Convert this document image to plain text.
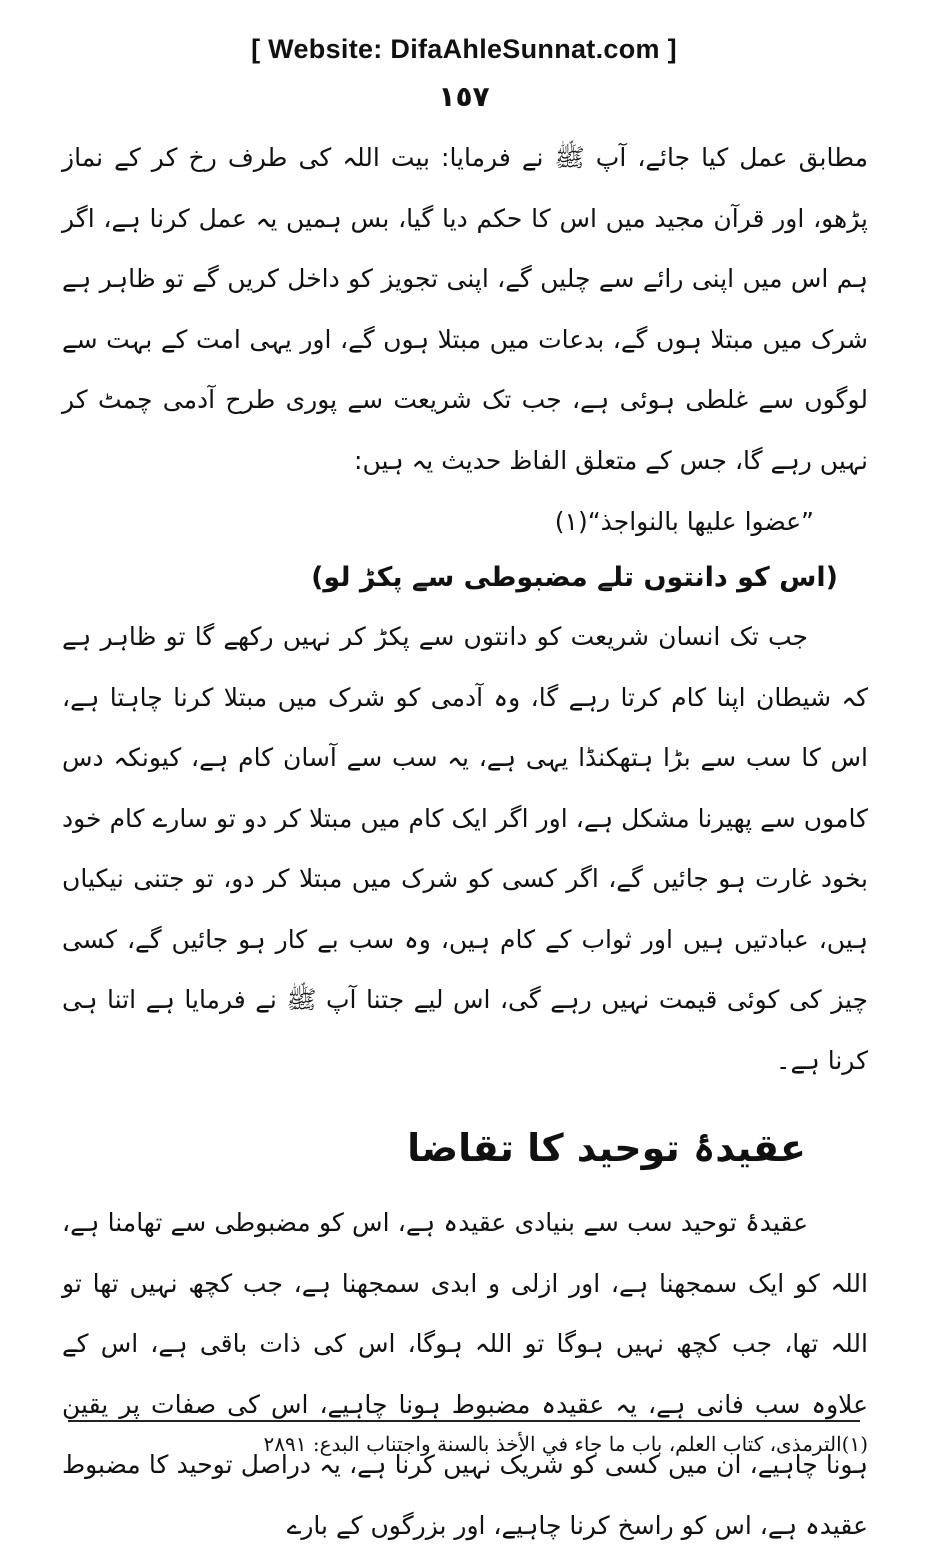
[ Website: DifaAhleSunnat.com ]
١٥٧

مطابق عمل کیا جائے، آپ ﷺ نے فرمایا: بیت اللہ کی طرف رخ کر کے نماز پڑھو، اور قرآن مجید میں اس کا حکم دیا گیا، بس ہمیں یہ عمل کرنا ہے، اگر ہم اس میں اپنی رائے سے چلیں گے، اپنی تجویز کو داخل کریں گے تو ظاہر ہے شرک میں مبتلا ہوں گے، بدعات میں مبتلا ہوں گے، اور یہی امت کے بہت سے لوگوں سے غلطی ہوئی ہے، جب تک شریعت سے پوری طرح آدمی چمٹ کر نہیں رہے گا، جس کے متعلق الفاظ حدیث یہ ہیں:

”عضوا علیها بالنواجذ“(۱)

(اس کو دانتوں تلے مضبوطی سے پکڑ لو)

جب تک انسان شریعت کو دانتوں سے پکڑ کر نہیں رکھے گا تو ظاہر ہے کہ شیطان اپنا کام کرتا رہے گا، وہ آدمی کو شرک میں مبتلا کرنا چاہتا ہے، اس کا سب سے بڑا ہتھکنڈا یہی ہے، یہ سب سے آسان کام ہے، کیونکہ دس کاموں سے پھیرنا مشکل ہے، اور اگر ایک کام میں مبتلا کر دو تو سارے کام خود بخود غارت ہو جائیں گے، اگر کسی کو شرک میں مبتلا کر دو، تو جتنی نیکیاں ہیں، عبادتیں ہیں اور ثواب کے کام ہیں، وہ سب بے کار ہو جائیں گے، کسی چیز کی کوئی قیمت نہیں رہے گی، اس لیے جتنا آپ ﷺ نے فرمایا ہے اتنا ہی کرنا ہے۔

عقیدۂ توحید کا تقاضا

عقیدۂ توحید سب سے بنیادی عقیدہ ہے، اس کو مضبوطی سے تھامنا ہے، اللہ کو ایک سمجھنا ہے، اور ازلی و ابدی سمجھنا ہے، جب کچھ نہیں تھا تو اللہ تھا، جب کچھ نہیں ہوگا تو اللہ ہوگا، اس کی ذات باقی ہے، اس کے علاوہ سب فانی ہے، یہ عقیدہ مضبوط ہونا چاہیے، اس کی صفات پر یقین ہونا چاہیے، ان میں کسی کو شریک نہیں کرنا ہے، یہ دراصل توحید کا مضبوط عقیدہ ہے، اس کو راسخ کرنا چاہیے، اور بزرگوں کے بارے

(۱)الترمذی، کتاب العلم، باب ما جاء في الأخذ بالسنة واجتناب البدع: ۲۸۹۱
